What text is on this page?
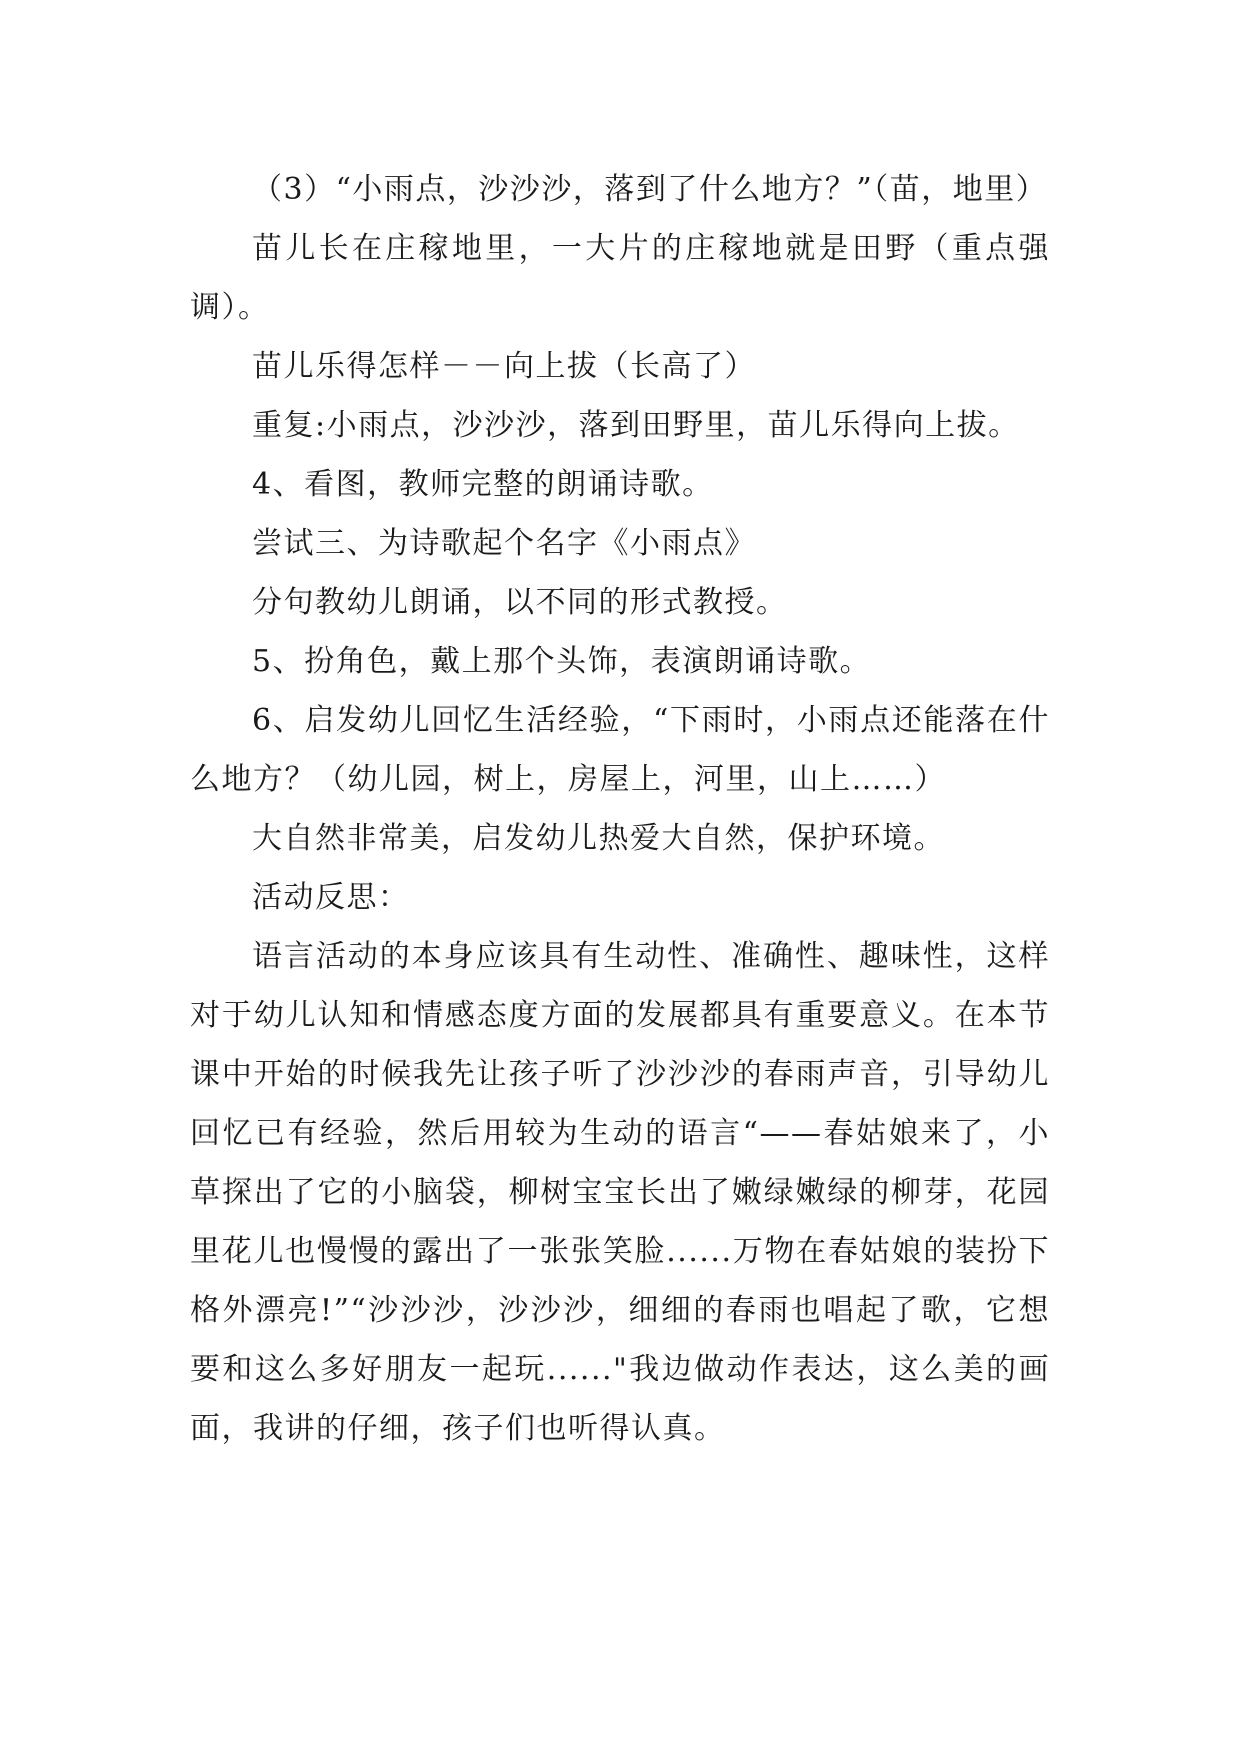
（3）“小雨点，沙沙沙，落到了什么地方？”（苗，地里）

苗儿长在庄稼地里，一大片的庄稼地就是田野（重点强调）。

苗儿乐得怎样－－向上拔（长高了）

重复:小雨点，沙沙沙，落到田野里，苗儿乐得向上拔。

4、看图，教师完整的朗诵诗歌。

尝试三、为诗歌起个名字《小雨点》

分句教幼儿朗诵，以不同的形式教授。

5、扮角色，戴上那个头饰，表演朗诵诗歌。

6、启发幼儿回忆生活经验，“下雨时，小雨点还能落在什么地方？（幼儿园，树上，房屋上，河里，山上……）

大自然非常美，启发幼儿热爱大自然，保护环境。

活动反思：

语言活动的本身应该具有生动性、准确性、趣味性，这样对于幼儿认知和情感态度方面的发展都具有重要意义。在本节课中开始的时候我先让孩子听了沙沙沙的春雨声音，引导幼儿回忆已有经验，然后用较为生动的语言“——春姑娘来了，小草探出了它的小脑袋，柳树宝宝长出了嫩绿嫩绿的柳芽，花园里花儿也慢慢的露出了一张张笑脸......万物在春姑娘的装扮下格外漂亮!”“沙沙沙，沙沙沙，细细的春雨也唱起了歌，它想要和这么多好朋友一起玩......"我边做动作表达，这么美的画面，我讲的仔细，孩子们也听得认真。
